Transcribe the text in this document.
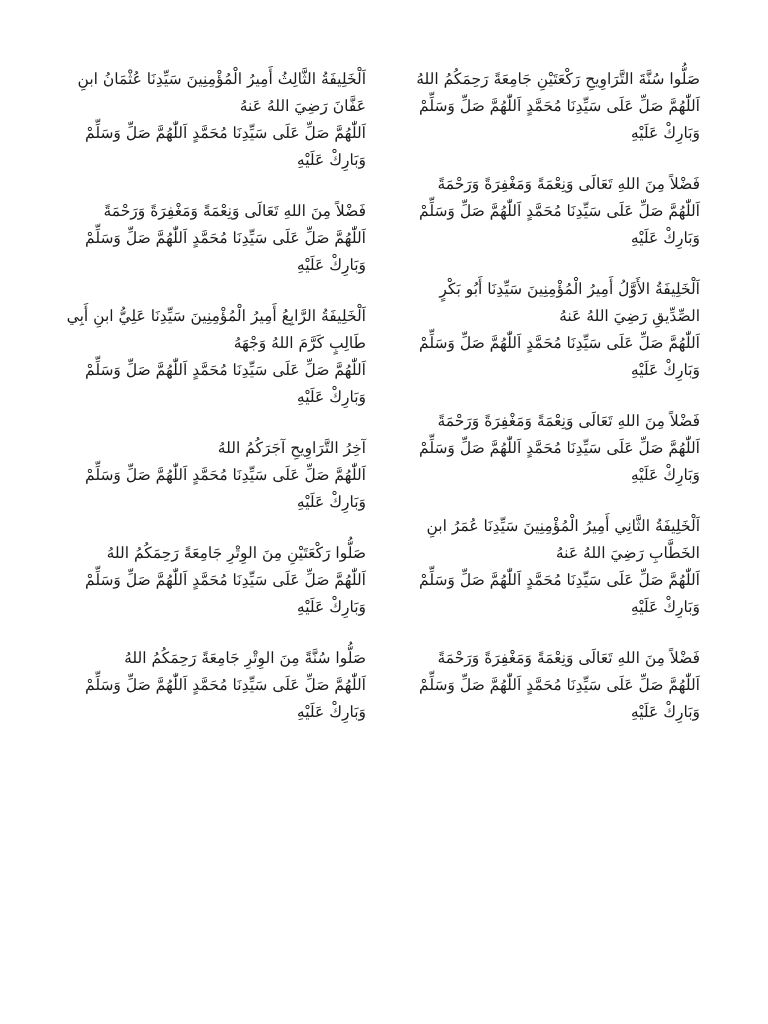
صَلُّوا سُنَّةَ التَّرَاوِيحِ رَكْعَتَيْنِ جَامِعَةً رَحِمَكُمُ اللهُ
اَللّٰهُمَّ صَلِّ عَلَى سَيِّدِنَا مُحَمَّدٍ اَللّٰهُمَّ صَلِّ وَسَلِّمْ وَبَارِكْ عَلَيْهِ
فَضْلاً مِنَ اللهِ تَعَالَى وَنِعْمَةً وَمَغْفِرَةً وَرَحْمَةً
اَللّٰهُمَّ صَلِّ عَلَى سَيِّدِنَا مُحَمَّدٍ اَللّٰهُمَّ صَلِّ وَسَلِّمْ وَبَارِكْ عَلَيْهِ
اَلْخَلِيفَةُ الأَوَّلُ أَمِيرُ الْمُؤْمِنِينَ سَيِّدِنَا أَبُو بَكْرٍ الصِّدِّيقِ رَضِيَ اللهُ عَنهُ
اَللّٰهُمَّ صَلِّ عَلَى سَيِّدِنَا مُحَمَّدٍ اَللّٰهُمَّ صَلِّ وَسَلِّمْ وَبَارِكْ عَلَيْهِ
فَضْلاً مِنَ اللهِ تَعَالَى وَنِعْمَةً وَمَغْفِرَةً وَرَحْمَةً
اَللّٰهُمَّ صَلِّ عَلَى سَيِّدِنَا مُحَمَّدٍ اَللّٰهُمَّ صَلِّ وَسَلِّمْ وَبَارِكْ عَلَيْهِ
اَلْخَلِيفَةُ الثَّانِي أَمِيرُ الْمُؤْمِنِينَ سَيِّدِنَا عُمَرُ ابنِ الخَطَّابِ رَضِيَ اللهُ عَنهُ
اَللّٰهُمَّ صَلِّ عَلَى سَيِّدِنَا مُحَمَّدٍ اَللّٰهُمَّ صَلِّ وَسَلِّمْ وَبَارِكْ عَلَيْهِ
فَضْلاً مِنَ اللهِ تَعَالَى وَنِعْمَةً وَمَغْفِرَةً وَرَحْمَةً
اَللّٰهُمَّ صَلِّ عَلَى سَيِّدِنَا مُحَمَّدٍ اَللّٰهُمَّ صَلِّ وَسَلِّمْ وَبَارِكْ عَلَيْهِ
اَلْخَلِيفَةُ الثَّالِثُ أَمِيرُ الْمُؤْمِنِينَ سَيِّدِنَا عُثْمَانُ ابنِ عَفَّانَ رَضِيَ اللهُ عَنهُ
اَللّٰهُمَّ صَلِّ عَلَى سَيِّدِنَا مُحَمَّدٍ اَللّٰهُمَّ صَلِّ وَسَلِّمْ وَبَارِكْ عَلَيْهِ
فَضْلاً مِنَ اللهِ تَعَالَى وَنِعْمَةً وَمَغْفِرَةً وَرَحْمَةً
اَللّٰهُمَّ صَلِّ عَلَى سَيِّدِنَا مُحَمَّدٍ اَللّٰهُمَّ صَلِّ وَسَلِّمْ وَبَارِكْ عَلَيْهِ
اَلْخَلِيفَةُ الرَّابِعُ أَمِيرُ الْمُؤْمِنِينَ سَيِّدِنَا عَلِيُّ ابنِ أَبِي طَالِبٍ كَرَّمَ اللهُ وَجْهَهُ
اَللّٰهُمَّ صَلِّ عَلَى سَيِّدِنَا مُحَمَّدٍ اَللّٰهُمَّ صَلِّ وَسَلِّمْ وَبَارِكْ عَلَيْهِ
آخِرُ التَّرَاوِيحِ آجَرَكُمُ اللهُ
اَللّٰهُمَّ صَلِّ عَلَى سَيِّدِنَا مُحَمَّدٍ اَللّٰهُمَّ صَلِّ وَسَلِّمْ وَبَارِكْ عَلَيْهِ
صَلُّوا رَكْعَتَيْنِ مِنَ الوِتْرِ جَامِعَةً رَحِمَكُمُ اللهُ
اَللّٰهُمَّ صَلِّ عَلَى سَيِّدِنَا مُحَمَّدٍ اَللّٰهُمَّ صَلِّ وَسَلِّمْ وَبَارِكْ عَلَيْهِ
صَلُّوا سُنَّةً مِنَ الوِتْرِ جَامِعَةً رَحِمَكُمُ اللهُ
اَللّٰهُمَّ صَلِّ عَلَى سَيِّدِنَا مُحَمَّدٍ اَللّٰهُمَّ صَلِّ وَسَلِّمْ وَبَارِكْ عَلَيْهِ
